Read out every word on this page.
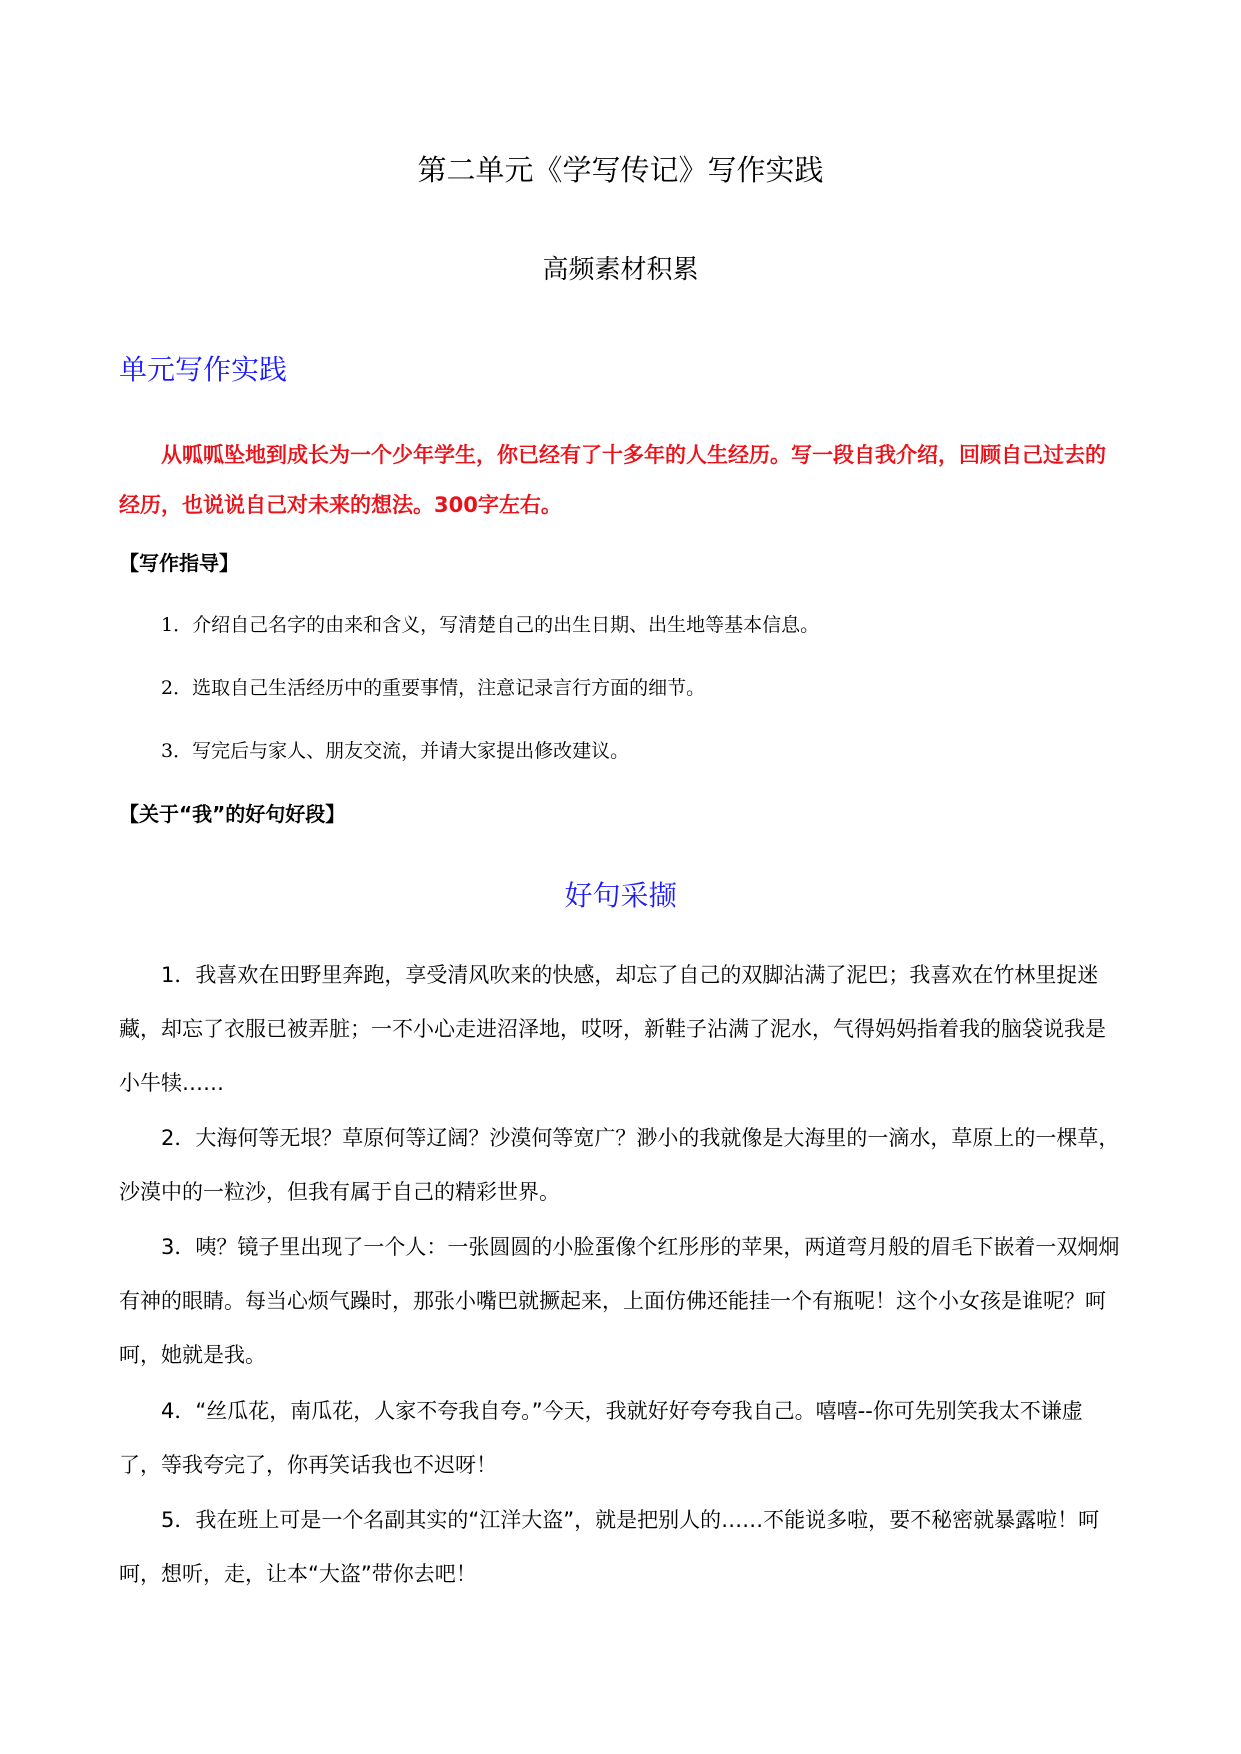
第二单元《学写传记》写作实践
高频素材积累
单元写作实践

从呱呱坠地到成长为一个少年学生，你已经有了十多年的人生经历。写一段自我介绍，回顾自己过去的经历，也说说自己对未来的想法。300字左右。

【写作指导】
1．介绍自己名字的由来和含义，写清楚自己的出生日期、出生地等基本信息。
2．选取自己生活经历中的重要事情，注意记录言行方面的细节。
3．写完后与家人、朋友交流，并请大家提出修改建议。
【关于“我”的好句好段】
好句采撷

1．我喜欢在田野里奔跑，享受清风吹来的快感，却忘了自己的双脚沾满了泥巴；我喜欢在竹林里捉迷藏，却忘了衣服已被弄脏；一不小心走进沼泽地，哎呀，新鞋子沾满了泥水，气得妈妈指着我的脑袋说我是小牛犊……

2．大海何等无垠？草原何等辽阔？沙漠何等宽广？渺小的我就像是大海里的一滴水，草原上的一棵草，沙漠中的一粒沙，但我有属于自己的精彩世界。

3．咦？镜子里出现了一个人：一张圆圆的小脸蛋像个红彤彤的苹果，两道弯月般的眉毛下嵌着一双炯炯有神的眼睛。每当心烦气躁时，那张小嘴巴就撅起来，上面仿佛还能挂一个有瓶呢！这个小女孩是谁呢？呵呵，她就是我。

4．“丝瓜花，南瓜花，人家不夸我自夸。”今天，我就好好夸夸我自己。嘻嘻--你可先别笑我太不谦虚了，等我夸完了，你再笑话我也不迟呀！

5．我在班上可是一个名副其实的“江洋大盗”，就是把别人的……不能说多啦，要不秘密就暴露啦！呵呵，想听，走，让本“大盗”带你去吧！
